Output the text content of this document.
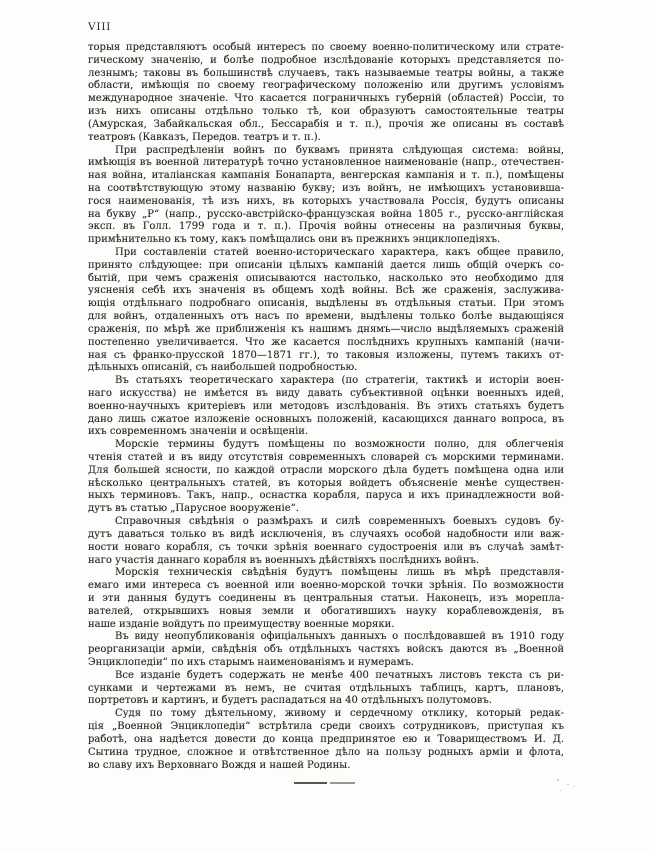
VIII
торыя представляютъ особый интересъ по своему военно-политическому или страте-
гическому значенію, и болѣе подробное изслѣдованіе которыхъ представляется по-
лезнымъ; таковы въ большинствѣ случаевъ, такъ называемые театры войны, а также
области, имѣющія по своему географическому положенію или другимъ условіямъ
международное значеніе. Что касается пограничныхъ губерній (областей) Россіи, то
изъ нихъ описаны отдѣльно только тѣ, кои образуютъ самостоятельные театры
(Амурская, Забайкальская обл., Бессарабія и т. п.), прочія же описаны въ составѣ
театровъ (Кавказъ, Передов. театръ и т. п.).
При распредѣленіи войнъ по буквамъ принята слѣдующая система: войны,
имѣющія въ военной литературѣ точно установленное наименованіе (напр., отечествен-
ная война, италіанская кампанія Бонапарта, венгерская кампанія и т. п.), помѣщены
на соотвѣтствующую этому названію букву; изъ войнъ, не имѣющихъ установивша-
гося наименованія, тѣ изъ нихъ, въ которыхъ участвовала Россія, будутъ описаны
на букву „Р“ (напр., русско-австрійско-французская война 1805 г., русско-англійская
эксп. въ Голл. 1799 года и т. п.). Прочія войны отнесены на различныя буквы,
примѣнительно къ тому, какъ помѣщались они въ прежнихъ энциклопедіяхъ.
При составленіи статей военно-историческаго характера, какъ общее правило,
принято слѣдующее: при описаніи цѣлыхъ кампаній дается лишь общій очеркъ со-
бытій, при чемъ сраженія описываются настолько, насколько это необходимо для
уясненія себѣ ихъ значенія въ общемъ ходѣ войны. Всѣ же сраженія, заслужива-
ющія отдѣльнаго подробнаго описанія, выдѣлены въ отдѣльныя статьи. При этомъ
для войнъ, отдаленныхъ отъ насъ по времени, выдѣлены только болѣе выдающіяся
сраженія, по мѣрѣ же приближенія къ нашимъ днямъ—число выдѣляемыхъ сраженій
постепенно увеличивается. Что же касается послѣднихъ крупныхъ кампаній (начи-
ная съ франко-прусской 1870—1871 гг.), то таковыя изложены, путемъ такихъ от-
дѣльныхъ описаній, съ наибольшей подробностью.
Въ статьяхъ теоретическаго характера (по стратегіи, тактикѣ и исторіи воен-
наго искусства) не имѣется въ виду давать субъективной оцѣнки военныхъ идей,
военно-научныхъ критеріевъ или методовъ изслѣдованія. Въ этихъ статьяхъ будетъ
дано лишь сжатое изложеніе основныхъ положеній, касающихся даннаго вопроса, въ
ихъ современномъ значеніи и освѣщеніи.
Морскіе термины будутъ помѣщены по возможности полно, для облегченія
чтенія статей и въ виду отсутствія современныхъ словарей съ морскими терминами.
Для большей ясности, по каждой отрасли морского дѣла будетъ помѣщена одна или
нѣсколько центральныхъ статей, въ которыя войдетъ объясненіе менѣе существен-
ныхъ терминовъ. Такъ, напр., оснастка корабля, паруса и ихъ принадлежности вой-
дутъ въ статью „Парусное вооруженіе“.
Справочныя свѣдѣнія о размѣрахъ и силѣ современныхъ боевыхъ судовъ бу-
дутъ даваться только въ видѣ исключенія, въ случаяхъ особой надобности или важ-
ности новаго корабля, съ точки зрѣнія военнаго судостроенія или въ случаѣ замѣт-
наго участія даннаго корабля въ военныхъ дѣйствіяхъ послѣднихъ войнъ.
Морскія техническія свѣдѣнія будутъ помѣщены лишь въ мѣрѣ представля-
емаго ими интереса съ военной или военно-морской точки зрѣнія. По возможности
и эти данныя будутъ соединены въ центральныя статьи. Наконецъ, изъ морепла-
вателей, открывшихъ новыя земли и обогатившихъ науку кораблевожденія, въ
наше изданіе войдутъ по преимуществу военные моряки.
Въ виду неопубликованія офиціальныхъ данныхъ о послѣдовавшей въ 1910 году
реорганизаціи арміи, свѣдѣнія объ отдѣльныхъ частяхъ войскъ даются въ „Военной
Энциклопедіи“ по ихъ старымъ наименованіямъ и нумерамъ.
Все изданіе будетъ содержать не менѣе 400 печатныхъ листовъ текста съ ри-
сунками и чертежами въ немъ, не считая отдѣльныхъ таблицъ, картъ, плановъ,
портретовъ и картинъ, и будетъ распадаться на 40 отдѣльныхъ полутомовъ.
Судя по тому дѣятельному, живому и сердечному отклику, который редак-
ція „Военной Энциклопедіи“ встрѣтила среди своихъ сотрудниковъ, приступая къ
работѣ, она надѣется довести до конца предпринятое ею и Товариществомъ И. Д.
Сытина трудное, сложное и отвѣтственное дѣло на пользу родныхъ арміи и флота,
во славу ихъ Верховнаго Вождя и нашей Родины.
